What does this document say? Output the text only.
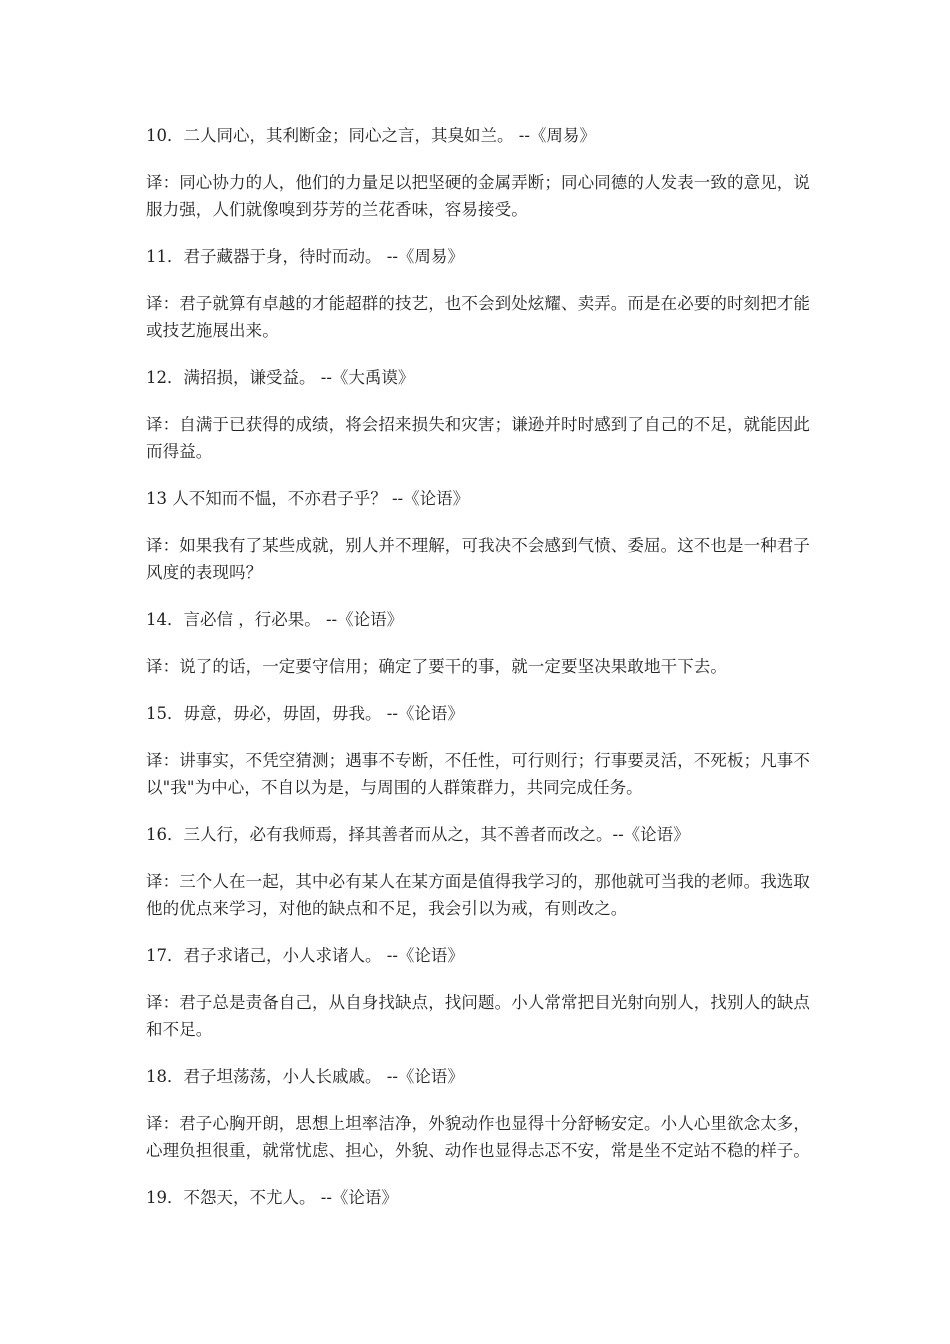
10．二人同心，其利断金；同心之言，其臭如兰。 --《周易》

译：同心协力的人，他们的力量足以把坚硬的金属弄断；同心同德的人发表一致的意见，说服力强，人们就像嗅到芬芳的兰花香味，容易接受。

11．君子藏器于身，待时而动。 --《周易》

译：君子就算有卓越的才能超群的技艺，也不会到处炫耀、卖弄。而是在必要的时刻把才能或技艺施展出来。

12．满招损，谦受益。 --《大禹谟》

译：自满于已获得的成绩，将会招来损失和灾害；谦逊并时时感到了自己的不足，就能因此而得益。

13 人不知而不愠，不亦君子乎？ --《论语》

译：如果我有了某些成就，别人并不理解，可我决不会感到气愤、委屈。这不也是一种君子风度的表现吗？

14．言必信 ，行必果。 --《论语》

译：说了的话，一定要守信用；确定了要干的事，就一定要坚决果敢地干下去。

15．毋意，毋必，毋固，毋我。 --《论语》

译：讲事实，不凭空猜测；遇事不专断，不任性，可行则行；行事要灵活，不死板；凡事不以"我"为中心，不自以为是，与周围的人群策群力，共同完成任务。

16．三人行，必有我师焉，择其善者而从之，其不善者而改之。--《论语》

译：三个人在一起，其中必有某人在某方面是值得我学习的，那他就可当我的老师。我选取他的优点来学习，对他的缺点和不足，我会引以为戒，有则改之。

17．君子求诸己，小人求诸人。 --《论语》

译：君子总是责备自己，从自身找缺点，找问题。小人常常把目光射向别人，找别人的缺点和不足。

18．君子坦荡荡，小人长戚戚。 --《论语》

译：君子心胸开朗，思想上坦率洁净，外貌动作也显得十分舒畅安定。小人心里欲念太多，心理负担很重，就常忧虑、担心，外貌、动作也显得忐忑不安，常是坐不定站不稳的样子。

19．不怨天，不尤人。 --《论语》
